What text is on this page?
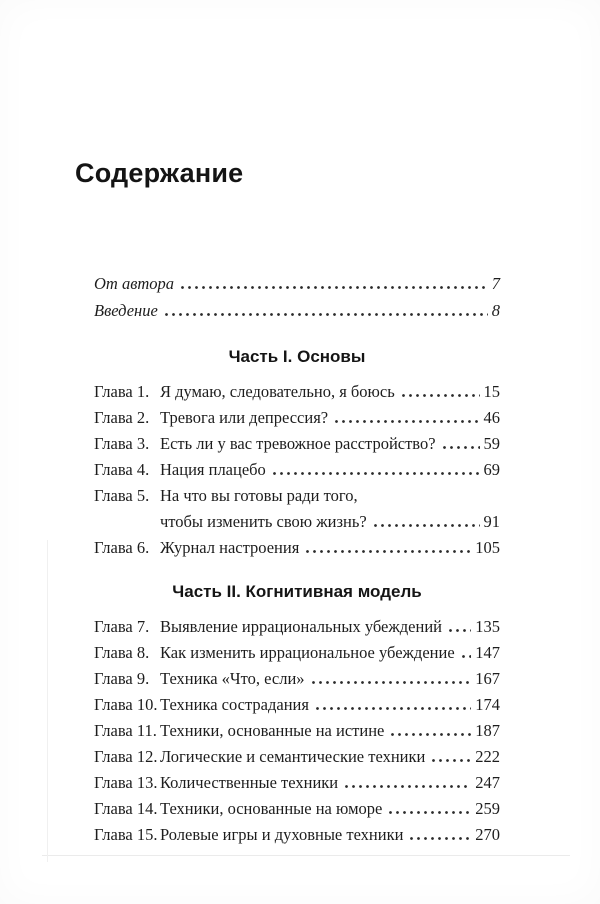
Содержание
От автора	7
Введение	8
Часть I. Основы
Глава 1. Я думаю, следовательно, я боюсь	15
Глава 2. Тревога или депрессия?	46
Глава 3. Есть ли у вас тревожное расстройство?	59
Глава 4. Нация плацебо	69
Глава 5. На что вы готовы ради того,
чтобы изменить свою жизнь?	91
Глава 6. Журнал настроения	105
Часть II. Когнитивная модель
Глава 7. Выявление иррациональных убеждений 135
Глава 8. Как изменить иррациональное убеждение 147
Глава 9. Техника «Что, если»	167
Глава 10. Техника сострадания	174
Глава 11. Техники, основанные на истине	187
Глава 12. Логические и семантические техники	222
Глава 13. Количественные техники	247
Глава 14. Техники, основанные на юморе	259
Глава 15. Ролевые игры и духовные техники	270
